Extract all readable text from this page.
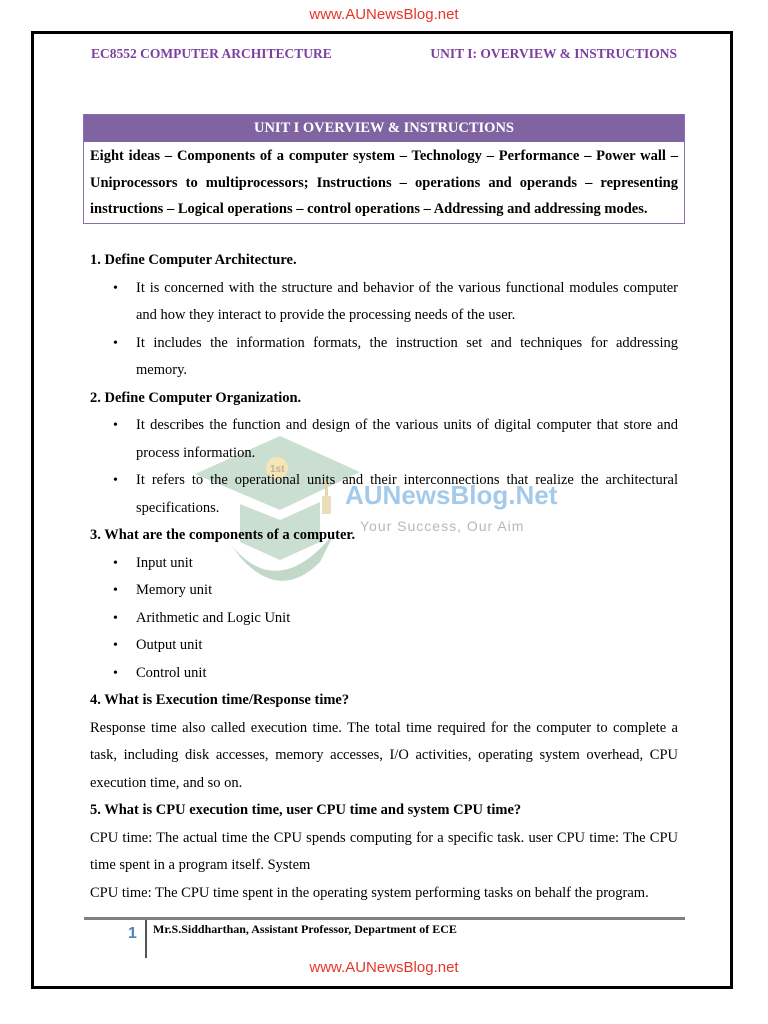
www.AUNewsBlog.net
EC8552 COMPUTER ARCHITECTURE	UNIT I: OVERVIEW & INSTRUCTIONS
UNIT I OVERVIEW & INSTRUCTIONS
Eight ideas – Components of a computer system – Technology – Performance – Power wall – Uniprocessors to multiprocessors; Instructions – operations and operands – representing instructions – Logical operations – control operations – Addressing and addressing modes.
1st
AUNewsBlog.Net
Your Success, Our Aim

1. Define Computer Architecture.

• It is concerned with the structure and behavior of the various functional modules computer and how they interact to provide the processing needs of the user.
• It includes the information formats, the instruction set and techniques for addressing memory.

2. Define Computer Organization.

• It describes the function and design of the various units of digital computer that store and process information.
• It refers to the operational units and their interconnections that realize the architectural specifications.

3. What are the components of a computer.

• Input unit
• Memory unit
• Arithmetic and Logic Unit
• Output unit
• Control unit

4. What is Execution time/Response time?

Response time also called execution time. The total time required for the computer to complete a task, including disk accesses, memory accesses, I/O activities, operating system overhead, CPU execution time, and so on.

5. What is CPU execution time, user CPU time and system CPU time?

CPU time: The actual time the CPU spends computing for a specific task. user CPU time: The CPU time spent in a program itself. System

CPU time: The CPU time spent in the operating system performing tasks on behalf the program.

1 Mr.S.Siddharthan, Assistant Professor, Department of ECE
www.AUNewsBlog.net
